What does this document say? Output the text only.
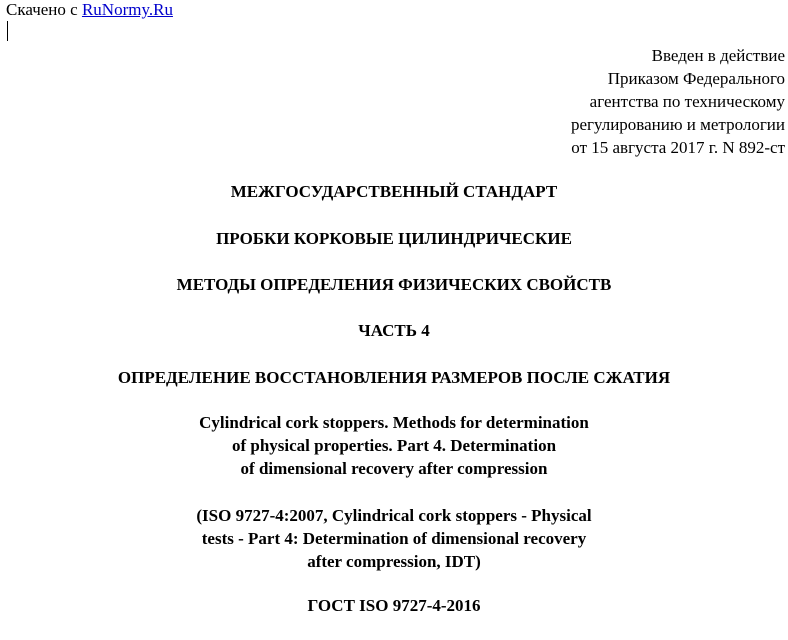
Скачено с RuNormy.Ru
Введен в действие
Приказом Федерального
агентства по техническому
регулированию и метрологии
от 15 августа 2017 г. N 892-ст
МЕЖГОСУДАРСТВЕННЫЙ СТАНДАРТ
ПРОБКИ КОРКОВЫЕ ЦИЛИНДРИЧЕСКИЕ
МЕТОДЫ ОПРЕДЕЛЕНИЯ ФИЗИЧЕСКИХ СВОЙСТВ
ЧАСТЬ 4
ОПРЕДЕЛЕНИЕ ВОССТАНОВЛЕНИЯ РАЗМЕРОВ ПОСЛЕ СЖАТИЯ
Cylindrical cork stoppers. Methods for determination
of physical properties. Part 4. Determination
of dimensional recovery after compression
(ISO 9727-4:2007, Cylindrical cork stoppers - Physical
tests - Part 4: Determination of dimensional recovery
after compression, IDT)
ГОСТ ISO 9727-4-2016
